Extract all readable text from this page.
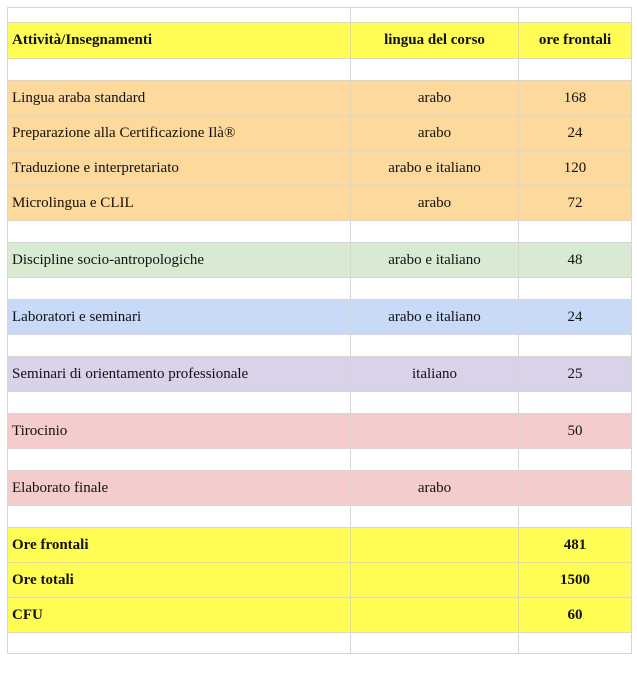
Attività/Insegnamenti	lingua del corso	ore frontali

Lingua araba standard	arabo	168
Preparazione alla Certificazione Ilà®	arabo	24
Traduzione e interpretariato	arabo e italiano	120
Microlingua e CLIL	arabo	72

Discipline socio-antropologiche	arabo e italiano	48

Laboratori e seminari	arabo e italiano	24

Seminari di orientamento professionale	italiano	25

Tirocinio		50

Elaborato finale	arabo	

Ore frontali		481
Ore totali		1500
CFU		60
